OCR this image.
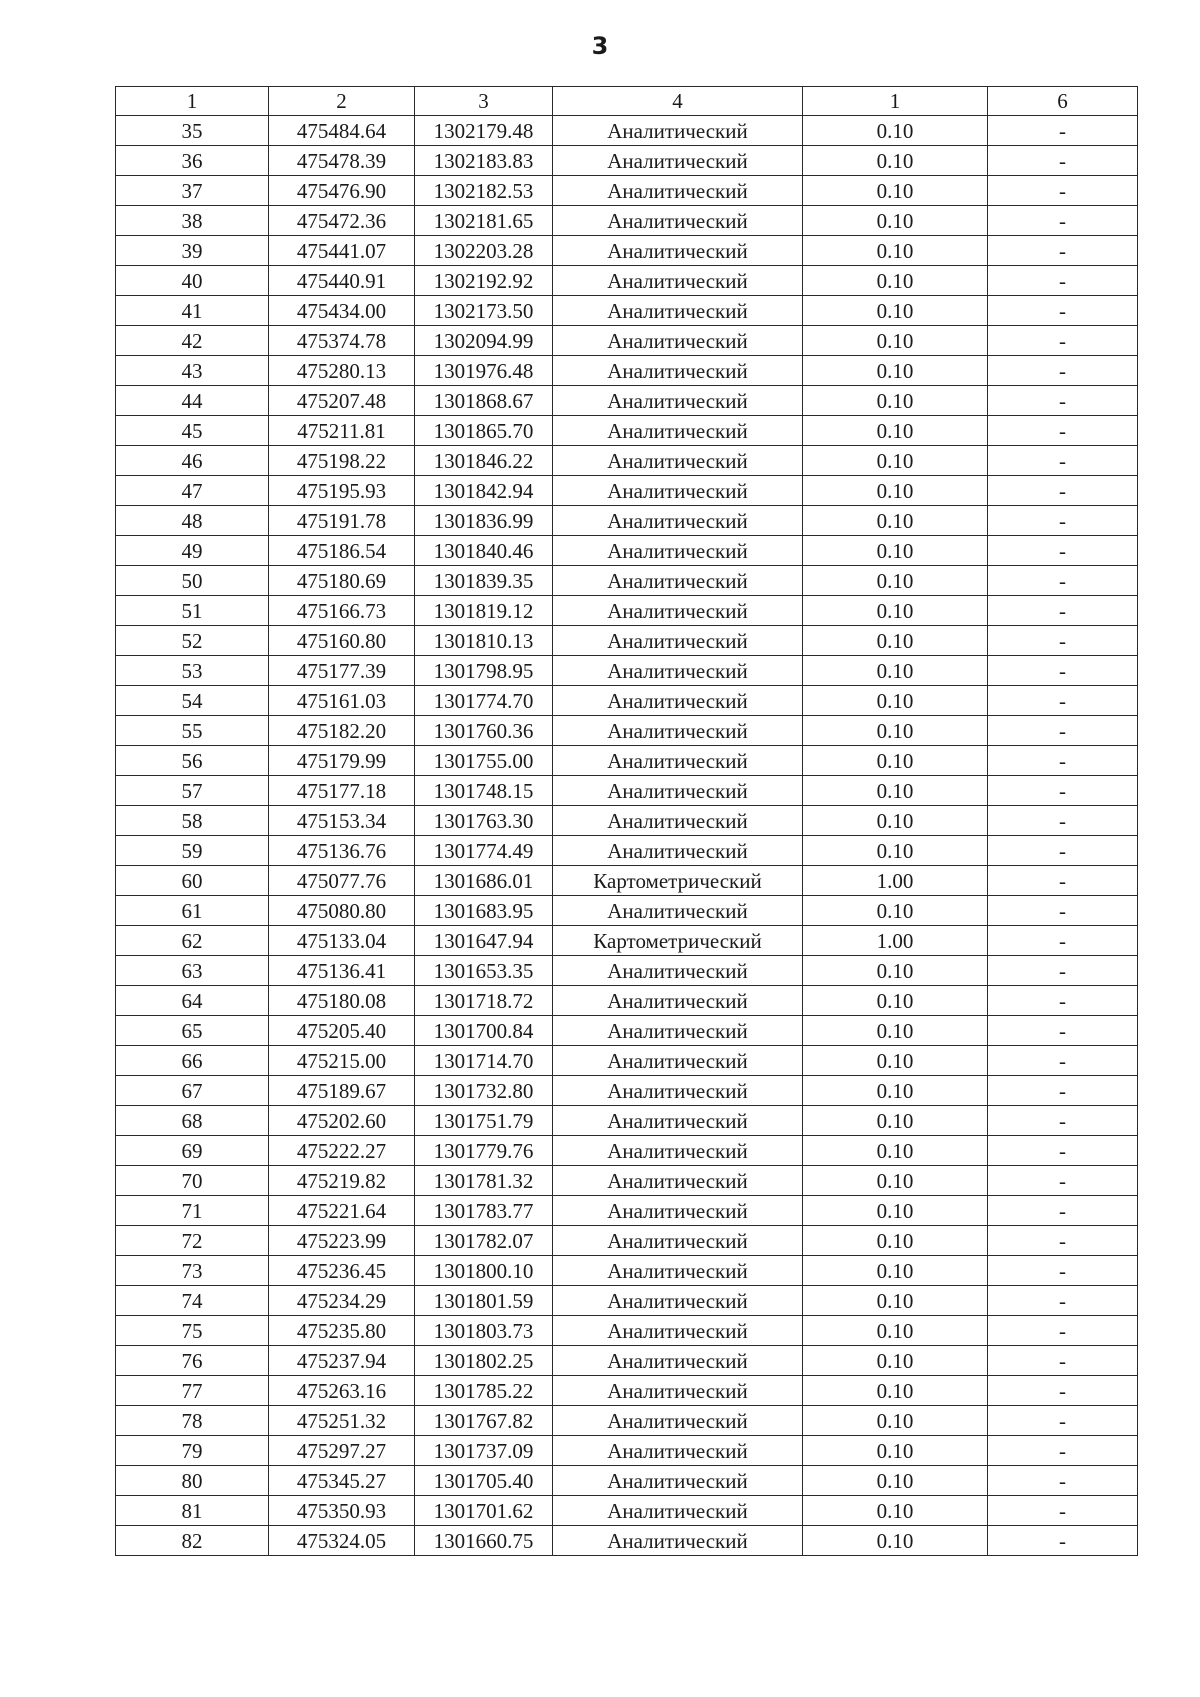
3
1	2	3	4	1	6
35	475484.64	1302179.48	Аналитический	0.10	-
36	475478.39	1302183.83	Аналитический	0.10	-
37	475476.90	1302182.53	Аналитический	0.10	-
38	475472.36	1302181.65	Аналитический	0.10	-
39	475441.07	1302203.28	Аналитический	0.10	-
40	475440.91	1302192.92	Аналитический	0.10	-
41	475434.00	1302173.50	Аналитический	0.10	-
42	475374.78	1302094.99	Аналитический	0.10	-
43	475280.13	1301976.48	Аналитический	0.10	-
44	475207.48	1301868.67	Аналитический	0.10	-
45	475211.81	1301865.70	Аналитический	0.10	-
46	475198.22	1301846.22	Аналитический	0.10	-
47	475195.93	1301842.94	Аналитический	0.10	-
48	475191.78	1301836.99	Аналитический	0.10	-
49	475186.54	1301840.46	Аналитический	0.10	-
50	475180.69	1301839.35	Аналитический	0.10	-
51	475166.73	1301819.12	Аналитический	0.10	-
52	475160.80	1301810.13	Аналитический	0.10	-
53	475177.39	1301798.95	Аналитический	0.10	-
54	475161.03	1301774.70	Аналитический	0.10	-
55	475182.20	1301760.36	Аналитический	0.10	-
56	475179.99	1301755.00	Аналитический	0.10	-
57	475177.18	1301748.15	Аналитический	0.10	-
58	475153.34	1301763.30	Аналитический	0.10	-
59	475136.76	1301774.49	Аналитический	0.10	-
60	475077.76	1301686.01	Картометрический	1.00	-
61	475080.80	1301683.95	Аналитический	0.10	-
62	475133.04	1301647.94	Картометрический	1.00	-
63	475136.41	1301653.35	Аналитический	0.10	-
64	475180.08	1301718.72	Аналитический	0.10	-
65	475205.40	1301700.84	Аналитический	0.10	-
66	475215.00	1301714.70	Аналитический	0.10	-
67	475189.67	1301732.80	Аналитический	0.10	-
68	475202.60	1301751.79	Аналитический	0.10	-
69	475222.27	1301779.76	Аналитический	0.10	-
70	475219.82	1301781.32	Аналитический	0.10	-
71	475221.64	1301783.77	Аналитический	0.10	-
72	475223.99	1301782.07	Аналитический	0.10	-
73	475236.45	1301800.10	Аналитический	0.10	-
74	475234.29	1301801.59	Аналитический	0.10	-
75	475235.80	1301803.73	Аналитический	0.10	-
76	475237.94	1301802.25	Аналитический	0.10	-
77	475263.16	1301785.22	Аналитический	0.10	-
78	475251.32	1301767.82	Аналитический	0.10	-
79	475297.27	1301737.09	Аналитический	0.10	-
80	475345.27	1301705.40	Аналитический	0.10	-
81	475350.93	1301701.62	Аналитический	0.10	-
82	475324.05	1301660.75	Аналитический	0.10	-
